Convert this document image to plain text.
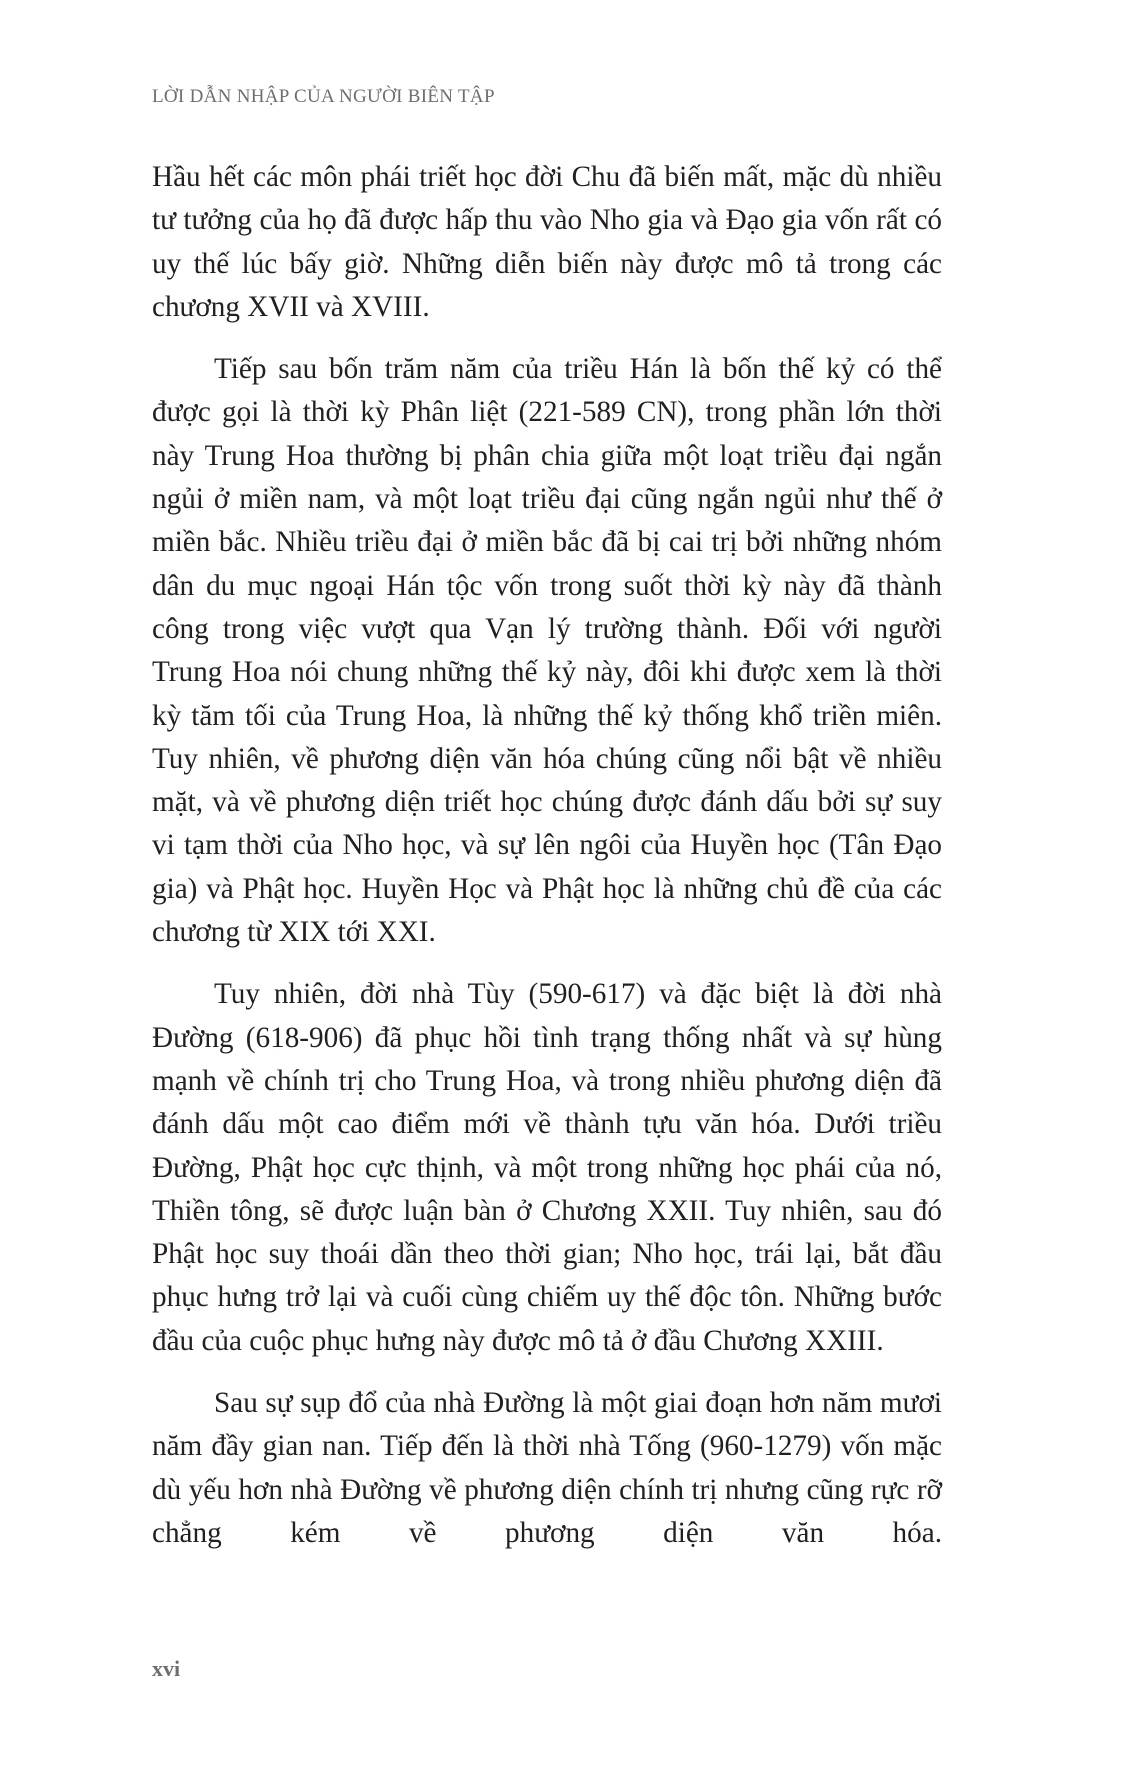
LỜI DẪN NHẬP CỦA NGƯỜI BIÊN TẬP

Hầu hết các môn phái triết học đời Chu đã biến mất, mặc dù nhiều tư tưởng của họ đã được hấp thu vào Nho gia và Đạo gia vốn rất có uy thế lúc bấy giờ. Những diễn biến này được mô tả trong các chương XVII và XVIII.

Tiếp sau bốn trăm năm của triều Hán là bốn thế kỷ có thể được gọi là thời kỳ Phân liệt (221-589 CN), trong phần lớn thời này Trung Hoa thường bị phân chia giữa một loạt triều đại ngắn ngủi ở miền nam, và một loạt triều đại cũng ngắn ngủi như thế ở miền bắc. Nhiều triều đại ở miền bắc đã bị cai trị bởi những nhóm dân du mục ngoại Hán tộc vốn trong suốt thời kỳ này đã thành công trong việc vượt qua Vạn lý trường thành. Đối với người Trung Hoa nói chung những thế kỷ này, đôi khi được xem là thời kỳ tăm tối của Trung Hoa, là những thế kỷ thống khổ triền miên. Tuy nhiên, về phương diện văn hóa chúng cũng nổi bật về nhiều mặt, và về phương diện triết học chúng được đánh dấu bởi sự suy vi tạm thời của Nho học, và sự lên ngôi của Huyền học (Tân Đạo gia) và Phật học. Huyền Học và Phật học là những chủ đề của các chương từ XIX tới XXI.

Tuy nhiên, đời nhà Tùy (590-617) và đặc biệt là đời nhà Đường (618-906) đã phục hồi tình trạng thống nhất và sự hùng mạnh về chính trị cho Trung Hoa, và trong nhiều phương diện đã đánh dấu một cao điểm mới về thành tựu văn hóa. Dưới triều Đường, Phật học cực thịnh, và một trong những học phái của nó, Thiền tông, sẽ được luận bàn ở Chương XXII. Tuy nhiên, sau đó Phật học suy thoái dần theo thời gian; Nho học, trái lại, bắt đầu phục hưng trở lại và cuối cùng chiếm uy thế độc tôn. Những bước đầu của cuộc phục hưng này được mô tả ở đầu Chương XXIII.

Sau sự sụp đổ của nhà Đường là một giai đoạn hơn năm mươi năm đầy gian nan. Tiếp đến là thời nhà Tống (960-1279) vốn mặc dù yếu hơn nhà Đường về phương diện chính trị nhưng cũng rực rỡ chẳng kém về phương diện văn hóa.

xvi
